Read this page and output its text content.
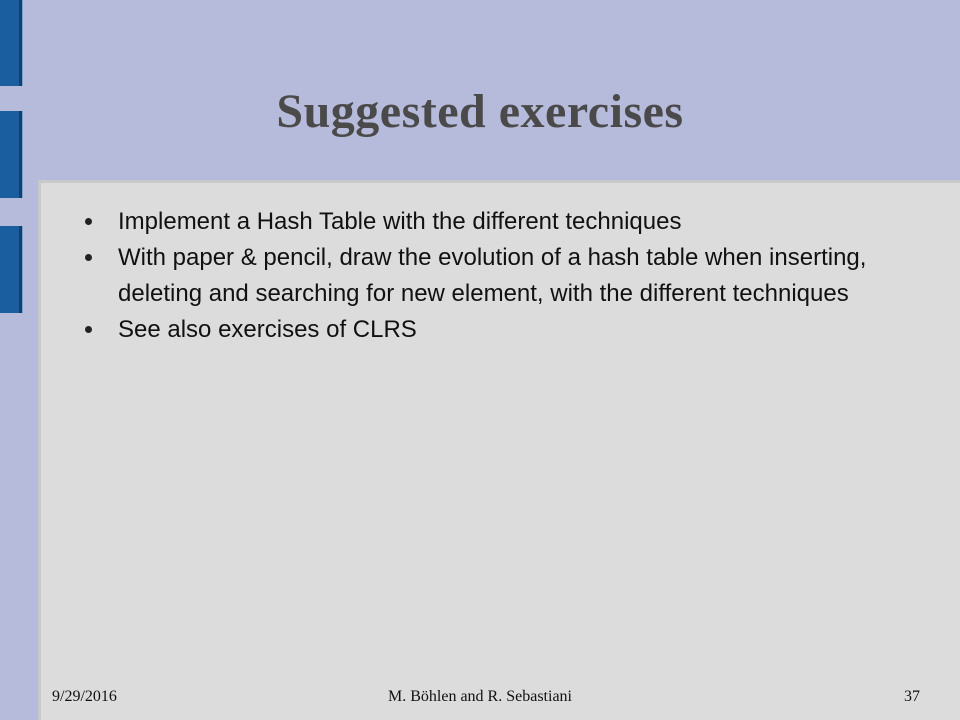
Suggested exercises
Implement a Hash Table with the different techniques
With paper & pencil, draw the evolution of a hash table when inserting, deleting and searching for new element, with the different techniques
See also exercises of CLRS
9/29/2016	M. Böhlen and R. Sebastiani	37
